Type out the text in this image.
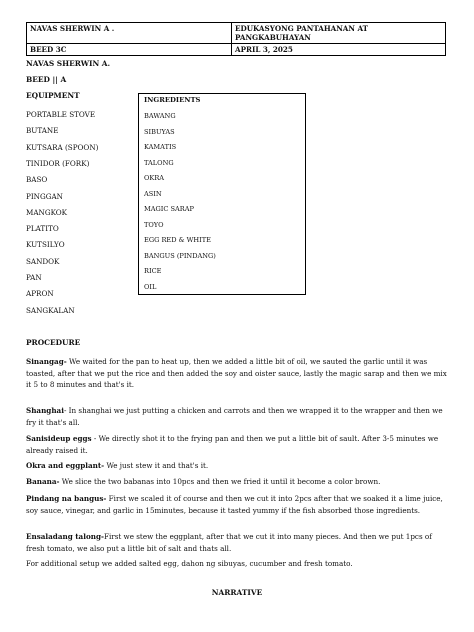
NAVAS SHERWIN A .	EDUKASYONG PANTAHANAN AT PANGKABUHAYAN
BEED 3C	APRIL 3, 2025
NAVAS SHERWIN A.
BEED || A
EQUIPMENT
PORTABLE STOVE
BUTANE
KUTSARA (SPOON)
TINIDOR (FORK)
BASO
PINGGAN
MANGKOK
PLATITO
KUTSILYO
SANDOK
PAN
APRON
SANGKALAN
INGREDIENTS
BAWANG
SIBUYAS
KAMATIS
TALONG
OKRA
ASIN
MAGIC SARAP
TOYO
EGG RED & WHITE
BANGUS (PINDANG)
RICE
OIL
PROCEDURE

Sinangag- We waited for the pan to heat up, then we added a little bit of oil, we sauted the garlic until it was toasted, after that we put the rice and then added the soy and oister sauce, lastly the magic sarap and then we mix it 5 to 8 minutes and that's it.

Shanghai- In shanghai we just putting a chicken and carrots and then we wrapped it to the wrapper and then we fry it that's all.

Sanisideup eggs - We directly shot it to the frying pan and then we put a little bit of sault. After 3-5 minutes we already raised it.

Okra and eggplant- We just stew it and that's it.

Banana- We slice the two babanas into 10pcs and then we fried it until it become a color brown.

Pindang na bangus- First we scaled it of course and then we cut it into 2pcs after that we soaked it a lime juice, soy sauce, vinegar, and garlic in 15minutes, because it tasted yummy if the fish absorbed those ingredients.

Ensaladang talong-First we stew the eggplant, after that we cut it into many pieces. And then we put 1pcs of fresh tomato, we also put a little bit of salt and thats all.

For additional setup we added salted egg, dahon ng sibuyas, cucumber and fresh tomato.

NARRATIVE
